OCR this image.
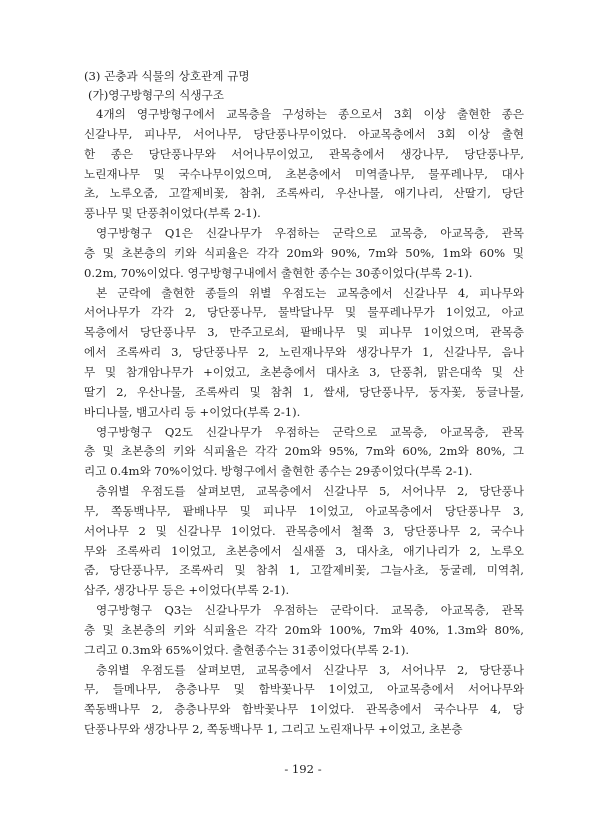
(3) 곤충과 식물의 상호관계 규명

(가)영구방형구의 식생구조

4개의 영구방형구에서 교목층을 구성하는 종으로서 3회 이상 출현한 종은
신갈나무, 피나무, 서어나무, 당단풍나무이었다. 아교목층에서 3회 이상 출현
한 종은 당단풍나무와 서어나무이었고, 관목층에서 생강나무, 당단풍나무,
노린재나무 및 국수나무이었으며, 초본층에서 미역줄나무, 물푸레나무, 대사
초, 노루오줌, 고깔제비꽃, 참취, 조록싸리, 우산나물, 애기나리, 산딸기, 당단
풍나무 및 단풍취이었다(부록 2-1).
영구방형구 Q1은 신갈나무가 우점하는 군락으로 교목층, 아교목층, 관목
층 및 초본층의 키와 식피율은 각각 20m와 90%, 7m와 50%, 1m와 60% 및
0.2m, 70%이었다. 영구방형구내에서 출현한 종수는 30종이었다(부록 2-1).
본 군락에 출현한 종들의 위별 우점도는 교목층에서 신갈나무 4, 피나무와
서어나무가 각각 2, 당단풍나무, 물박달나무 및 물푸레나무가 1이었고, 아교
목층에서 당단풍나무 3, 만주고로쇠, 팥배나무 및 피나무 1이었으며, 관목층
에서 조록싸리 3, 당단풍나무 2, 노린재나무와 생강나무가 1, 신갈나무, 음나
무 및 참개암나무가 +이었고, 초본층에서 대사초 3, 단풍취, 맑은대쑥 및 산
딸기 2, 우산나물, 조록싸리 및 참취 1, 쌀새, 당단풍나무, 둥자꽃, 둥글나물,
바디나물, 뱀고사리 등 +이었다(부록 2-1).
영구방형구 Q2도 신갈나무가 우점하는 군락으로 교목층, 아교목층, 관목
층 및 초본층의 키와 식피율은 각각 20m와 95%, 7m와 60%, 2m와 80%, 그
리고 0.4m와 70%이었다. 방형구에서 출현한 종수는 29종이었다(부록 2-1).
층위별 우점도를 살펴보면, 교목층에서 신갈나무 5, 서어나무 2, 당단풍나
무, 쪽동백나무, 팥배나무 및 피나무 1이었고, 아교목층에서 당단풍나무 3,
서어나무 2 및 신갈나무 1이었다. 관목층에서 철쭉 3, 당단풍나무 2, 국수나
무와 조록싸리 1이었고, 초본층에서 실새풀 3, 대사초, 애기나리가 2, 노루오
줌, 당단풍나무, 조록싸리 및 참취 1, 고깔제비꽃, 그늘사초, 둥굴레, 미역취,
삽주, 생강나무 등은 +이었다(부록 2-1).
영구방형구 Q3는 신갈나무가 우점하는 군락이다. 교목층, 아교목층, 관목
층 및 초본층의 키와 식피율은 각각 20m와 100%, 7m와 40%, 1.3m와 80%,
그리고 0.3m와 65%이었다. 출현종수는 31종이었다(부록 2-1).
층위별 우점도를 살펴보면, 교목층에서 신갈나무 3, 서어나무 2, 당단풍나
무, 들메나무, 층층나무 및 함박꽃나무 1이었고, 아교목층에서 서어나무와
쪽동백나무 2, 층층나무와 함박꽃나무 1이었다. 관목층에서 국수나무 4, 당
단풍나무와 생강나무 2, 쪽동백나무 1, 그리고 노린재나무 +이었고, 초본층
- 192 -
